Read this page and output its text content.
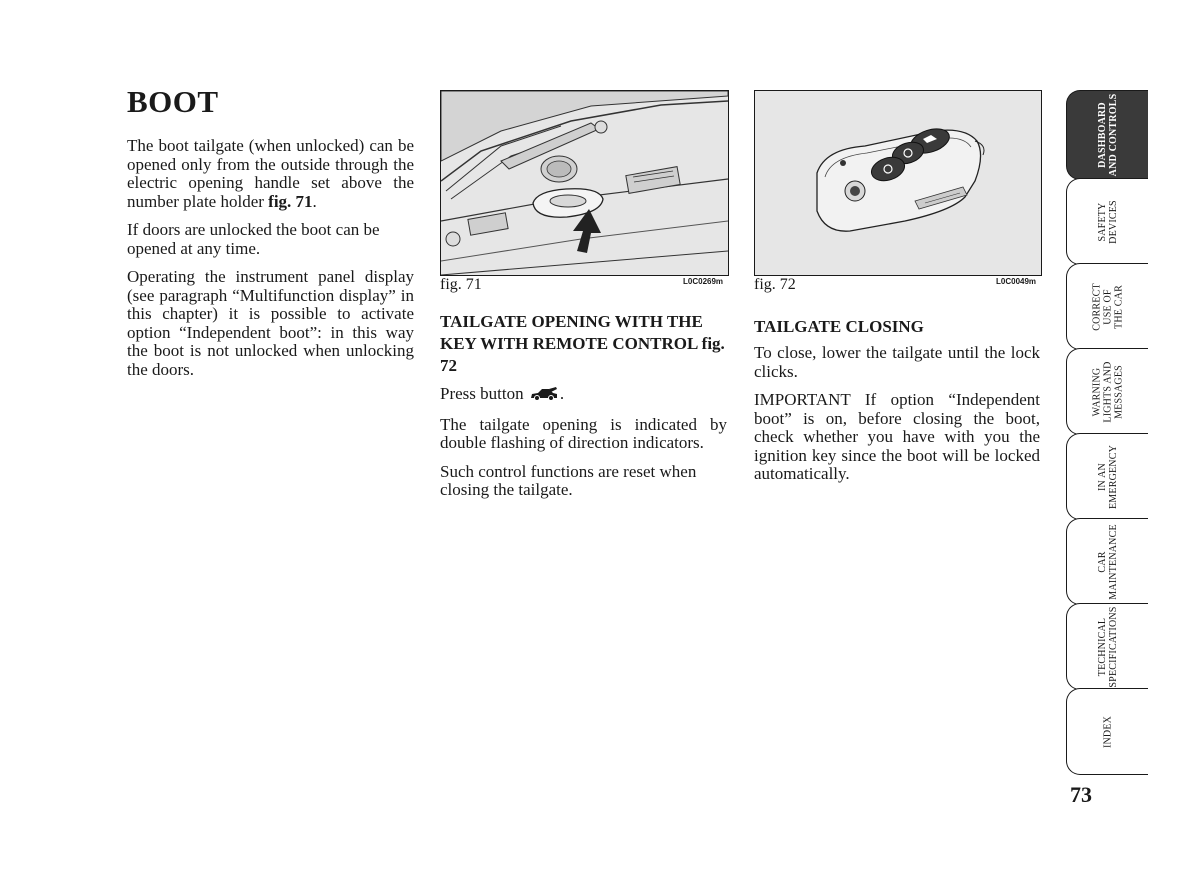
BOOT

The boot tailgate (when unlocked) can be opened only from the outside through the electric opening handle set above the number plate holder fig. 71.

If doors are unlocked the boot can be opened at any time.

Operating the instrument panel display (see paragraph “Multifunction display” in this chapter) it is possible to activate option “Independent boot”: in this way the boot is not unlocked when unlocking the doors.

fig. 71	L0C0269m
TAILGATE OPENING WITH THE KEY WITH REMOTE CONTROL fig. 72

Press button .

The tailgate opening is indicated by double flashing of direction indicators.

Such control functions are reset when closing the tailgate.

fig. 72	L0C0049m
TAILGATE CLOSING

To close, lower the tailgate until the lock clicks.

IMPORTANT If option “Independent boot” is on, before closing the boot, check whether you have with you the ignition key since the boot will be locked automatically.

DASHBOARD
AND CONTROLS
SAFETY
DEVICES
CORRECT
USE OF
THE CAR
WARNING
LIGHTS AND
MESSAGES
IN AN
EMERGENCY
CAR
MAINTENANCE
TECHNICAL
SPECIFICATIONS
INDEX
73
